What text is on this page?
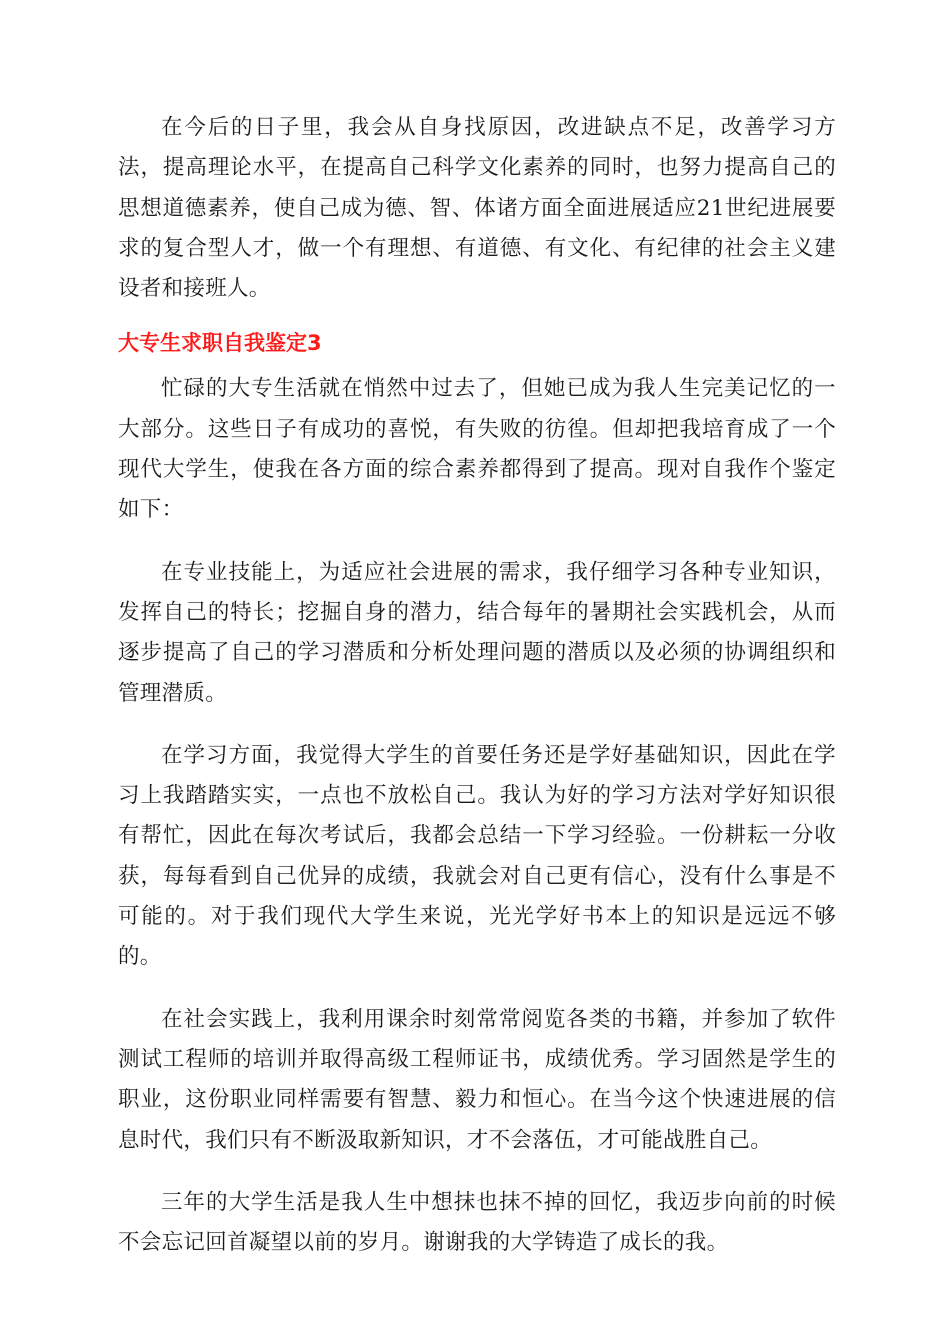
在今后的日子里，我会从自身找原因，改进缺点不足，改善学习方法，提高理论水平，在提高自己科学文化素养的同时，也努力提高自己的思想道德素养，使自己成为德、智、体诸方面全面进展适应21世纪进展要求的复合型人才，做一个有理想、有道德、有文化、有纪律的社会主义建设者和接班人。

大专生求职自我鉴定3

忙碌的大专生活就在悄然中过去了，但她已成为我人生完美记忆的一大部分。这些日子有成功的喜悦，有失败的彷徨。但却把我培育成了一个现代大学生，使我在各方面的综合素养都得到了提高。现对自我作个鉴定如下：

在专业技能上，为适应社会进展的需求，我仔细学习各种专业知识，发挥自己的特长；挖掘自身的潜力，结合每年的暑期社会实践机会，从而逐步提高了自己的学习潜质和分析处理问题的潜质以及必须的协调组织和管理潜质。

在学习方面，我觉得大学生的首要任务还是学好基础知识，因此在学习上我踏踏实实，一点也不放松自己。我认为好的学习方法对学好知识很有帮忙，因此在每次考试后，我都会总结一下学习经验。一份耕耘一分收获，每每看到自己优异的成绩，我就会对自己更有信心，没有什么事是不可能的。对于我们现代大学生来说，光光学好书本上的知识是远远不够的。

在社会实践上，我利用课余时刻常常阅览各类的书籍，并参加了软件测试工程师的培训并取得高级工程师证书，成绩优秀。学习固然是学生的职业，这份职业同样需要有智慧、毅力和恒心。在当今这个快速进展的信息时代，我们只有不断汲取新知识，才不会落伍，才可能战胜自己。

三年的大学生活是我人生中想抹也抹不掉的回忆，我迈步向前的时候不会忘记回首凝望以前的岁月。谢谢我的大学铸造了成长的我。
